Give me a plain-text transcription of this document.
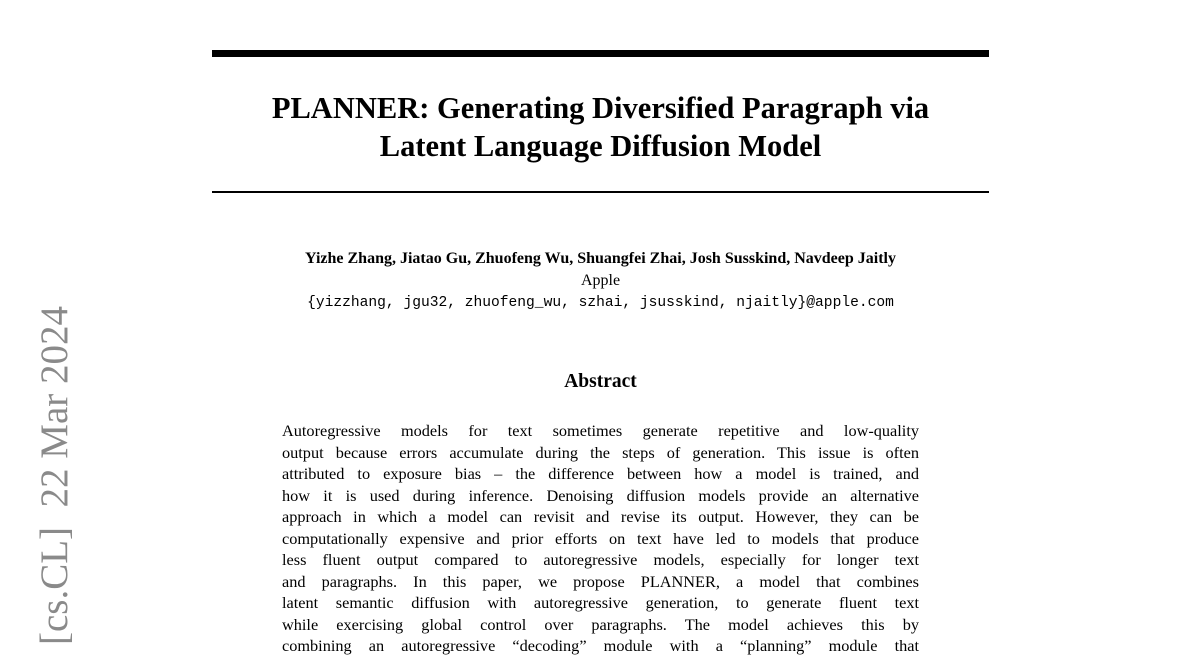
[cs.CL]  22 Mar 2024
PLANNER: Generating Diversified Paragraph via
Latent Language Diffusion Model
Yizhe Zhang, Jiatao Gu, Zhuofeng Wu, Shuangfei Zhai, Josh Susskind, Navdeep Jaitly
Apple
{yizzhang, jgu32, zhuofeng_wu, szhai, jsusskind, njaitly}@apple.com
Abstract
Autoregressive models for text sometimes generate repetitive and low-quality
output because errors accumulate during the steps of generation. This issue is often
attributed to exposure bias – the difference between how a model is trained, and
how it is used during inference. Denoising diffusion models provide an alternative
approach in which a model can revisit and revise its output. However, they can be
computationally expensive and prior efforts on text have led to models that produce
less fluent output compared to autoregressive models, especially for longer text
and paragraphs. In this paper, we propose PLANNER, a model that combines
latent semantic diffusion with autoregressive generation, to generate fluent text
while exercising global control over paragraphs. The model achieves this by
combining an autoregressive “decoding” module with a “planning” module that
